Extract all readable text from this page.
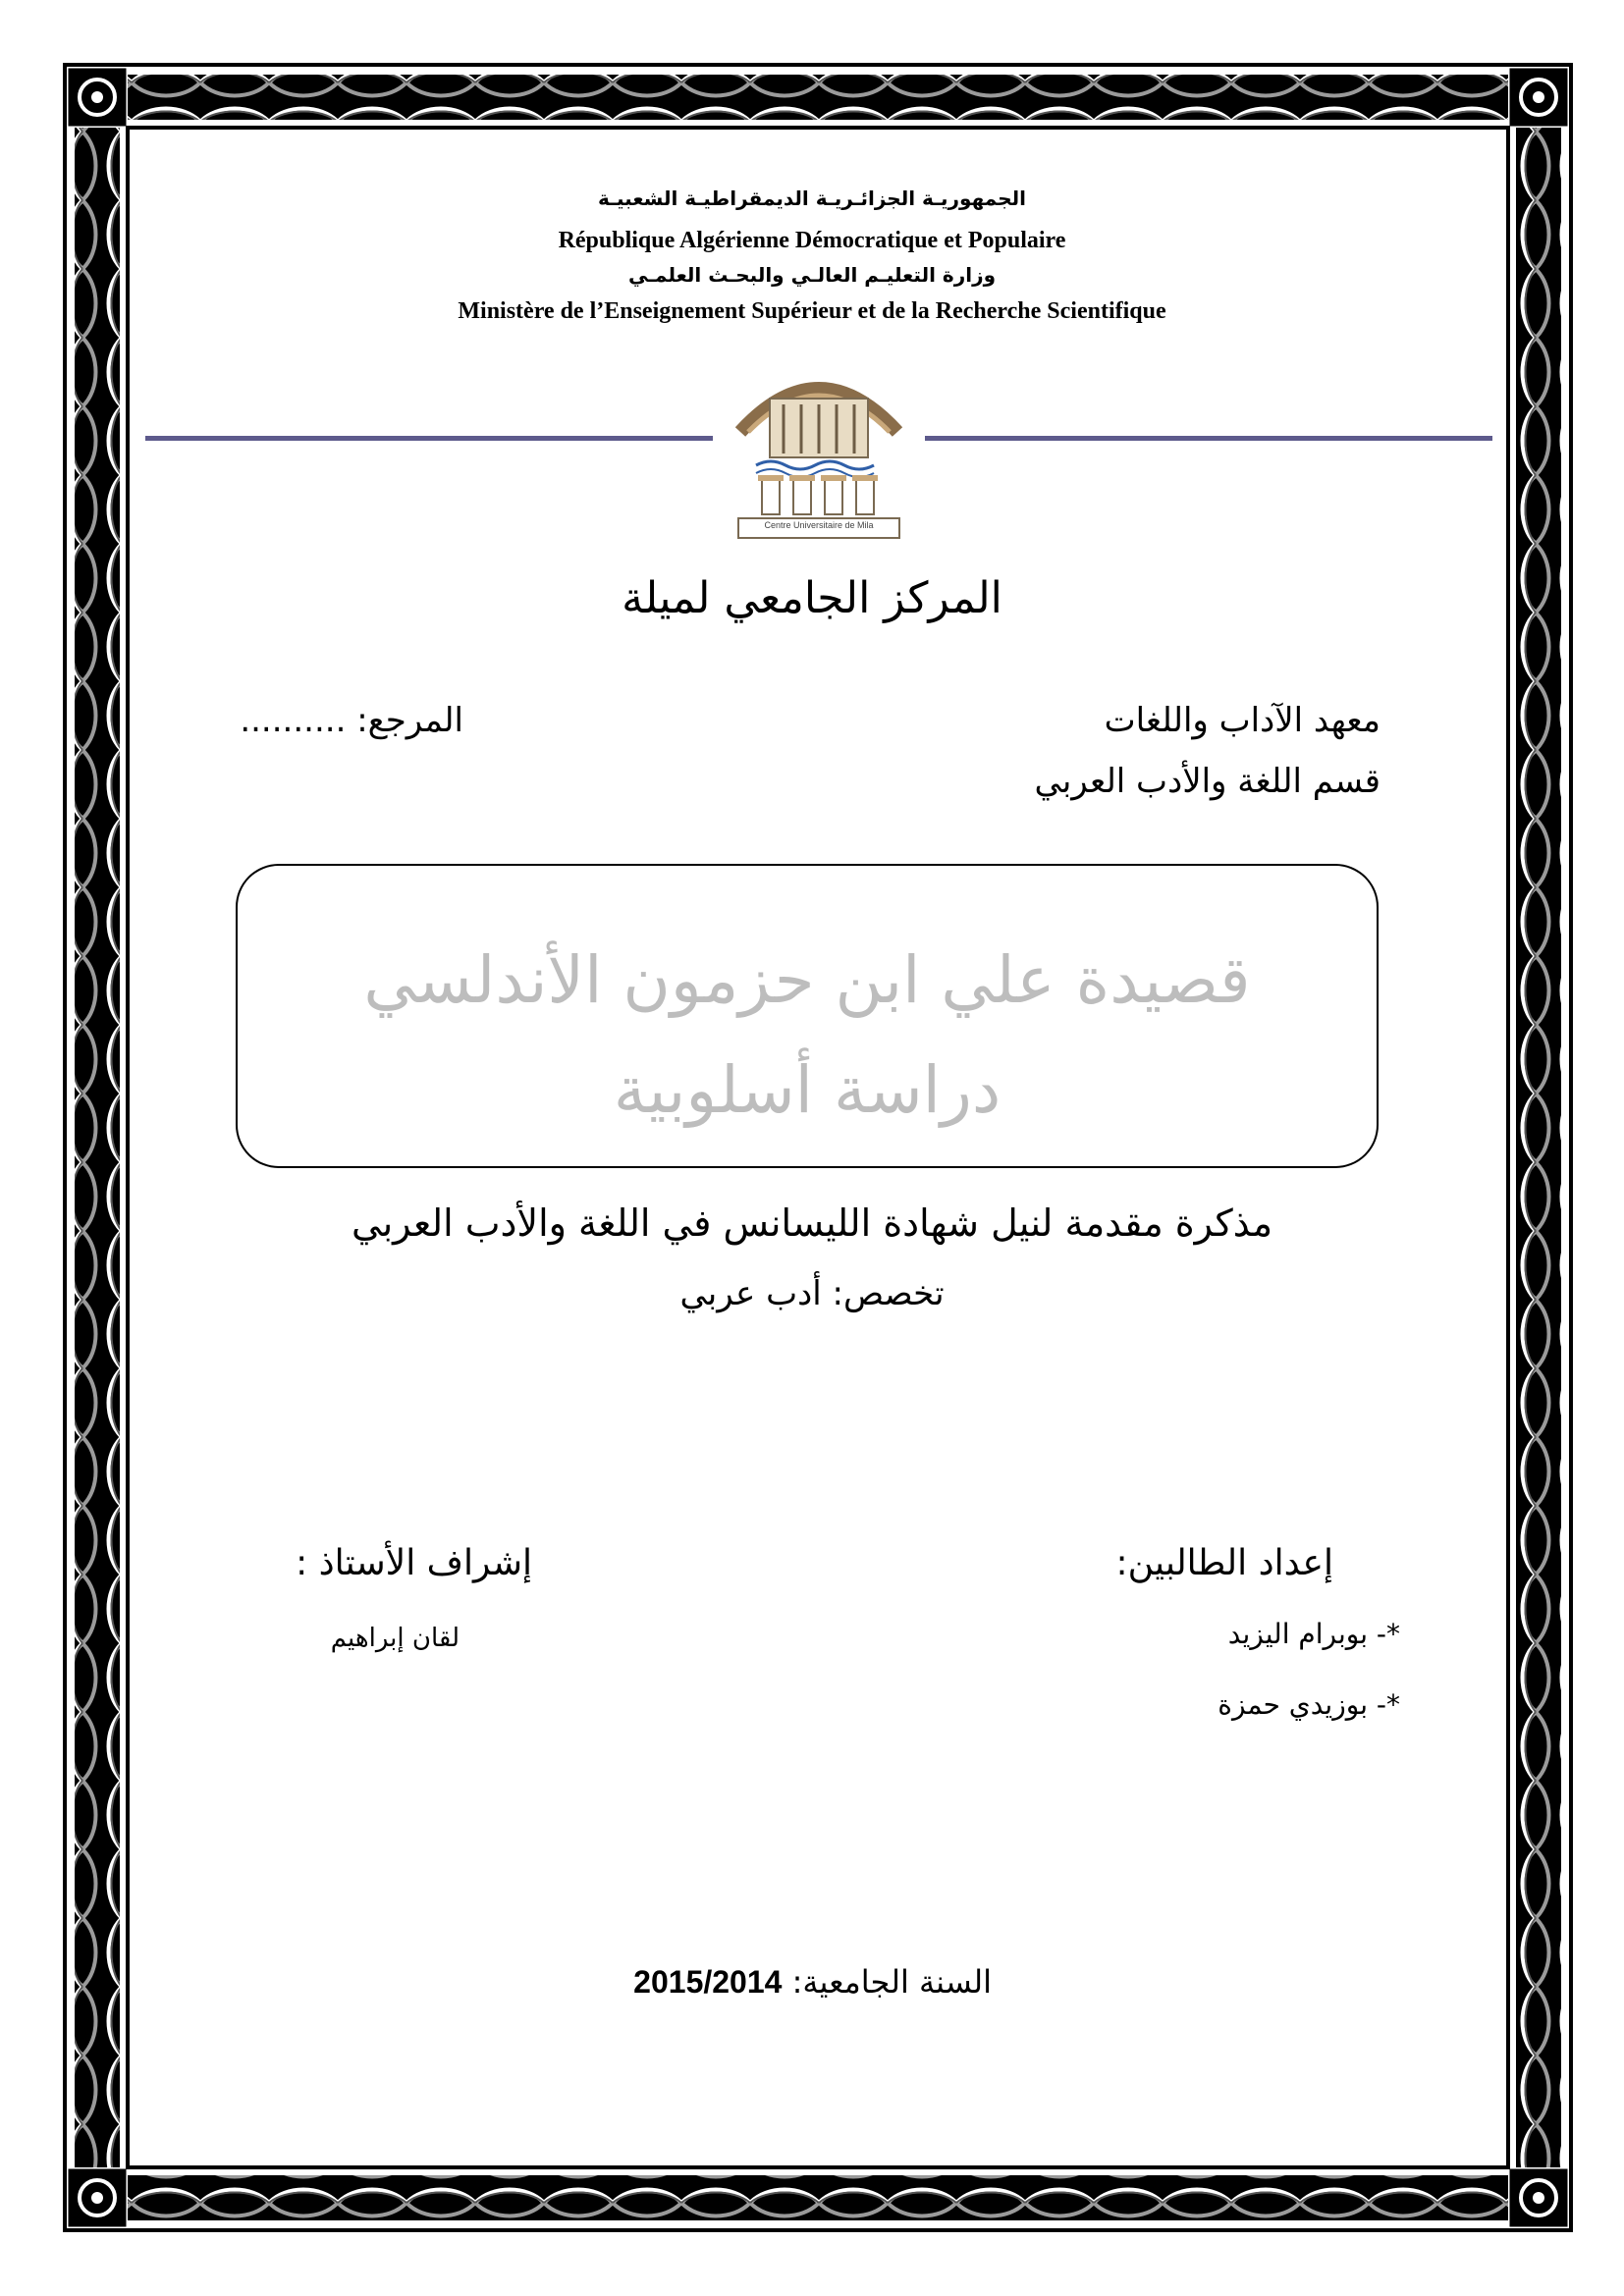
الجمهوريـة الجزائـريـة الديمقراطيـة الشعبيـة
République Algérienne Démocratique et Populaire
وزارة التعليـم العالـي والبحـث العلمـي
Ministère de l’Enseignement Supérieur et de la Recherche Scientifique
Centre Universitaire de Mila
المركز الجامعي لميلة
معهد الآداب واللغات
قسم اللغة والأدب العربي
المرجع: ..........
قصيدة علي ابن حزمون الأندلسي
دراسة أسلوبية
مذكرة مقدمة لنيل شهادة الليسانس في اللغة والأدب العربي
تخصص: أدب عربي
إعداد الطالبين:
*- بوبرام اليزيد
*- بوزيدي حمزة
إشراف الأستاذ :
لقان إبراهيم
السنة الجامعية: 2015/2014
